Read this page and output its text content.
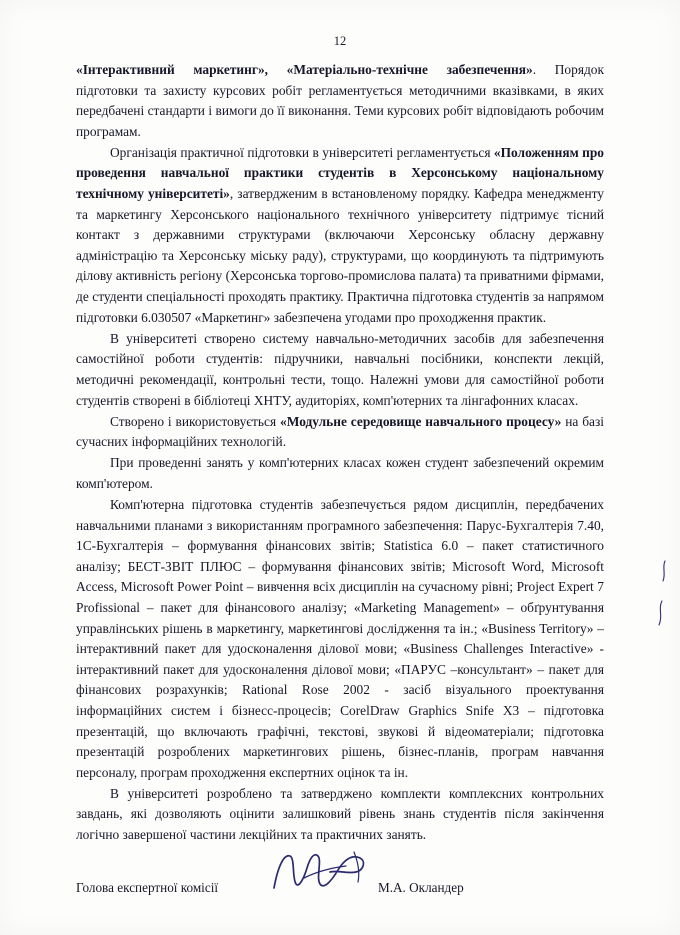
12

«Інтерактивний маркетинг», «Матеріально-технічне забезпечення». Порядок підготовки та захисту курсових робіт регламентується методичними вказівками, в яких передбачені стандарти і вимоги до її виконання. Теми курсових робіт відповідають робочим програмам.

Організація практичної підготовки в університеті регламентується «Положенням про проведення навчальної практики студентів в Херсонському національному технічному університеті», затвердженим в встановленому порядку. Кафедра менеджменту та маркетингу Херсонського національного технічного університету підтримує тісний контакт з державними структурами (включаючи Херсонську обласну державну адміністрацію та Херсонську міську раду), структурами, що координують та підтримують ділову активність регіону (Херсонська торгово-промислова палата) та приватними фірмами, де студенти спеціальності проходять практику. Практична підготовка студентів за напрямом підготовки 6.030507 «Маркетинг» забезпечена угодами про проходження практик.

В університеті створено систему навчально-методичних засобів для забезпечення самостійної роботи студентів: підручники, навчальні посібники, конспекти лекцій, методичні рекомендації, контрольні тести, тощо. Належні умови для самостійної роботи студентів створені в бібліотеці ХНТУ, аудиторіях, комп'ютерних та лінгафонних класах.

Створено і використовується «Модульне середовище навчального процесу» на базі сучасних інформаційних технологій.

При проведенні занять у комп'ютерних класах кожен студент забезпечений окремим комп'ютером.

Комп'ютерна підготовка студентів забезпечується рядом дисциплін, передбачених навчальними планами з використанням програмного забезпечення: Парус-Бухгалтерія 7.40, 1С-Бухгалтерія – формування фінансових звітів; Statistica 6.0 – пакет статистичного аналізу; БЕСТ-ЗВІТ ПЛЮС – формування фінансових звітів; Microsoft Word, Microsoft Access, Microsoft Power Point – вивчення всіх дисциплін на сучасному рівні; Project Expert 7 Profissional – пакет для фінансового аналізу; «Marketing Management» – обґрунтування управлінських рішень в маркетингу, маркетингові дослідження та ін.; «Business Territory» – інтерактивний пакет для удосконалення ділової мови; «Business Challenges Interactive» - інтерактивний пакет для удосконалення ділової мови; «ПАРУС –консультант» – пакет для фінансових розрахунків; Rational Rose 2002 - засіб візуального проектування інформаційних систем і бізнесс-процесів; CorelDraw Graphics Snife X3 – підготовка презентацій, що включають графічні, текстові, звукові й відеоматеріали; підготовка презентацій розроблених маркетингових рішень, бізнес-планів, програм навчання персоналу, програм проходження експертних оцінок та ін.

В університеті розроблено та затверджено комплекти комплексних контрольних завдань, які дозволяють оцінити залишковий рівень знань студентів після закінчення логічно завершеної частини лекційних та практичних занять.

Голова експертної комісії	М.А. Окландер
